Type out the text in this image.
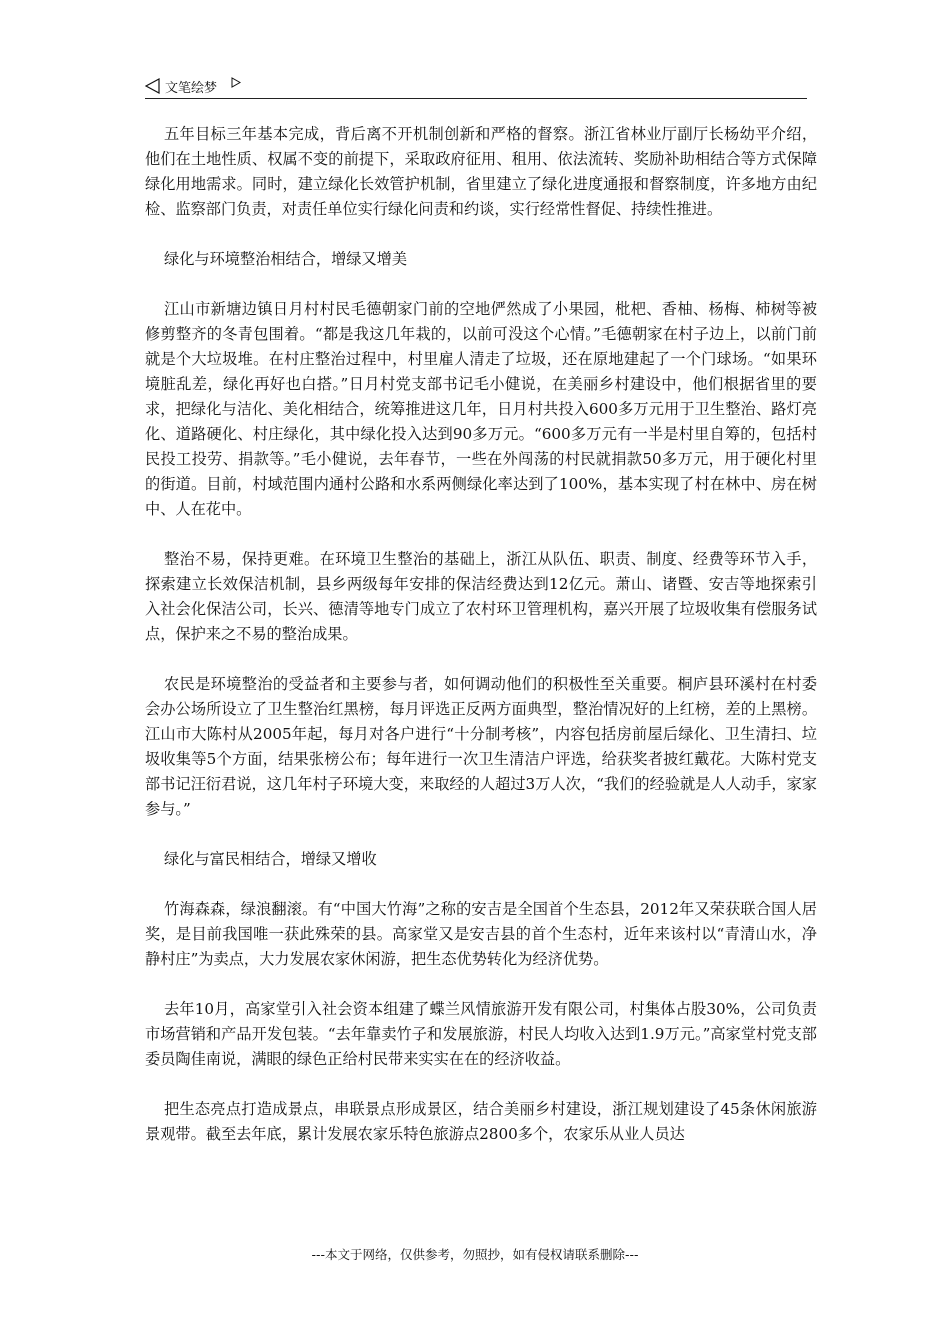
文笔绘梦

五年目标三年基本完成，背后离不开机制创新和严格的督察。浙江省林业厅副厅长杨幼平介绍，他们在土地性质、权属不变的前提下，采取政府征用、租用、依法流转、奖励补助相结合等方式保障绿化用地需求。同时，建立绿化长效管护机制，省里建立了绿化进度通报和督察制度，许多地方由纪检、监察部门负责，对责任单位实行绿化问责和约谈，实行经常性督促、持续性推进。

绿化与环境整治相结合，增绿又增美

江山市新塘边镇日月村村民毛德朝家门前的空地俨然成了小果园，枇杷、香柚、杨梅、柿树等被修剪整齐的冬青包围着。“都是我这几年栽的，以前可没这个心情。”毛德朝家在村子边上，以前门前就是个大垃圾堆。在村庄整治过程中，村里雇人清走了垃圾，还在原地建起了一个门球场。“如果环境脏乱差，绿化再好也白搭。”日月村党支部书记毛小健说，在美丽乡村建设中，他们根据省里的要求，把绿化与洁化、美化相结合，统筹推进这几年，日月村共投入600多万元用于卫生整治、路灯亮化、道路硬化、村庄绿化，其中绿化投入达到90多万元。“600多万元有一半是村里自筹的，包括村民投工投劳、捐款等。”毛小健说，去年春节，一些在外闯荡的村民就捐款50多万元，用于硬化村里的街道。目前，村域范围内通村公路和水系两侧绿化率达到了100%，基本实现了村在林中、房在树中、人在花中。

整治不易，保持更难。在环境卫生整治的基础上，浙江从队伍、职责、制度、经费等环节入手，探索建立长效保洁机制，县乡两级每年安排的保洁经费达到12亿元。萧山、诸暨、安吉等地探索引入社会化保洁公司，长兴、德清等地专门成立了农村环卫管理机构，嘉兴开展了垃圾收集有偿服务试点，保护来之不易的整治成果。

农民是环境整治的受益者和主要参与者，如何调动他们的积极性至关重要。桐庐县环溪村在村委会办公场所设立了卫生整治红黑榜，每月评选正反两方面典型，整治情况好的上红榜，差的上黑榜。江山市大陈村从2005年起，每月对各户进行“十分制考核”，内容包括房前屋后绿化、卫生清扫、垃圾收集等5个方面，结果张榜公布；每年进行一次卫生清洁户评选，给获奖者披红戴花。大陈村党支部书记汪衍君说，这几年村子环境大变，来取经的人超过3万人次，“我们的经验就是人人动手，家家参与。”

绿化与富民相结合，增绿又增收

竹海森森，绿浪翻滚。有“中国大竹海”之称的安吉是全国首个生态县，2012年又荣获联合国人居奖，是目前我国唯一获此殊荣的县。高家堂又是安吉县的首个生态村，近年来该村以“青清山水，净静村庄”为卖点，大力发展农家休闲游，把生态优势转化为经济优势。

去年10月，高家堂引入社会资本组建了蝶兰风情旅游开发有限公司，村集体占股30%，公司负责市场营销和产品开发包装。“去年靠卖竹子和发展旅游，村民人均收入达到1.9万元。”高家堂村党支部委员陶佳南说，满眼的绿色正给村民带来实实在在的经济收益。

把生态亮点打造成景点，串联景点形成景区，结合美丽乡村建设，浙江规划建设了45条休闲旅游景观带。截至去年底，累计发展农家乐特色旅游点2800多个，农家乐从业人员达

---本文于网络，仅供参考，勿照抄，如有侵权请联系删除---
